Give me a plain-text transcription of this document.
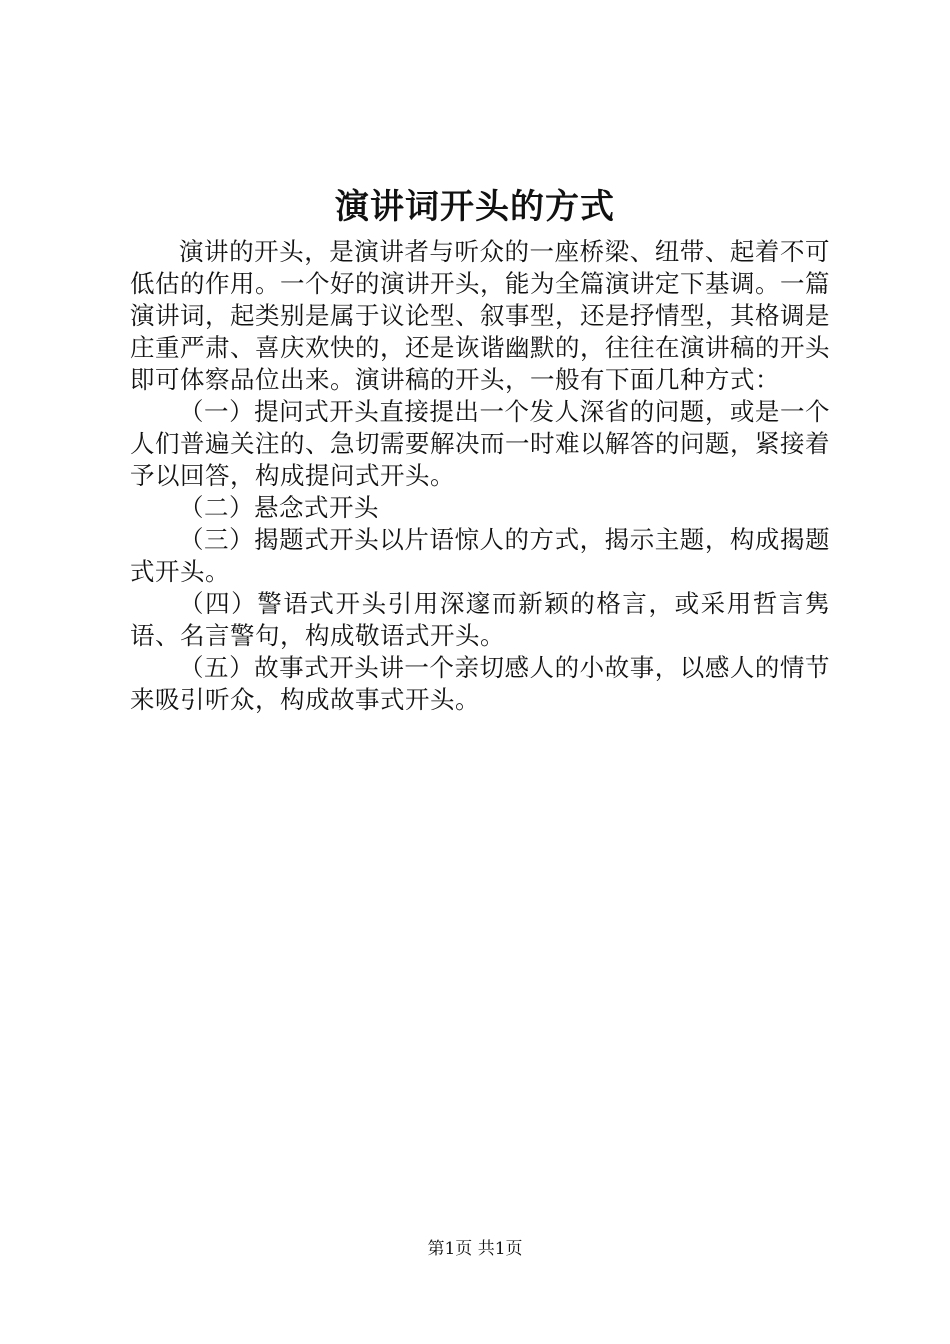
演讲词开头的方式

演讲的开头，是演讲者与听众的一座桥梁、纽带、起着不可低估的作用。一个好的演讲开头，能为全篇演讲定下基调。一篇演讲词，起类别是属于议论型、叙事型，还是抒情型，其格调是庄重严肃、喜庆欢快的，还是诙谐幽默的，往往在演讲稿的开头即可体察品位出来。演讲稿的开头，一般有下面几种方式：

（一）提问式开头直接提出一个发人深省的问题，或是一个人们普遍关注的、急切需要解决而一时难以解答的问题，紧接着予以回答，构成提问式开头。

（二）悬念式开头

（三）揭题式开头以片语惊人的方式，揭示主题，构成揭题式开头。

（四）警语式开头引用深邃而新颖的格言，或采用哲言隽语、名言警句，构成敬语式开头。

（五）故事式开头讲一个亲切感人的小故事，以感人的情节来吸引听众，构成故事式开头。

第1页 共1页
